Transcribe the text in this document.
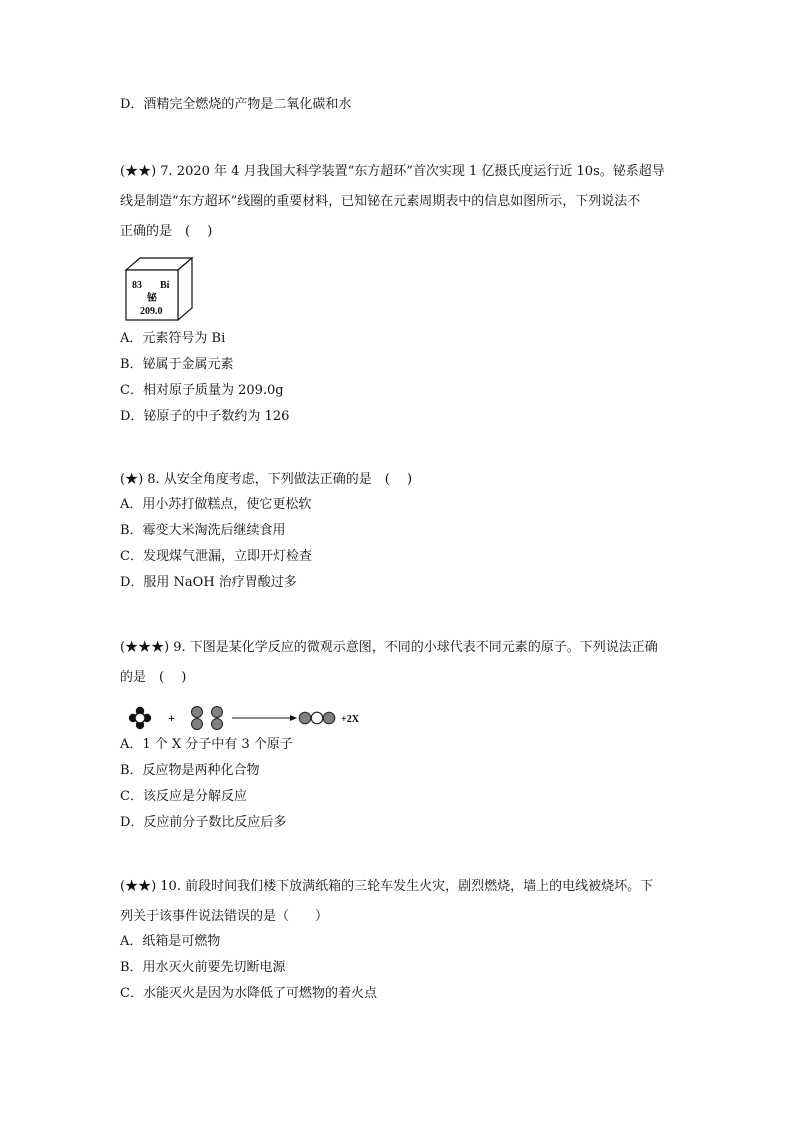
D．酒精完全燃烧的产物是二氧化碳和水
(★★) 7. 2020 年 4 月我国大科学装置“东方超环”首次实现 1 亿摄氏度运行近 10s。铋系超导
线是制造“东方超环”线圈的重要材料，已知铋在元素周期表中的信息如图所示，下列说法不
正确的是　(　 )
83 Bi
铋
209.0
A．元素符号为 Bi
B．铋属于金属元素
C．相对原子质量为 209.0g
D．铋原子的中子数约为 126
(★) 8. 从安全角度考虑，下列做法正确的是　(　 )
A．用小苏打做糕点，使它更松软
B．霉变大米淘洗后继续食用
C．发现煤气泄漏，立即开灯检查
D．服用 NaOH 治疗胃酸过多
(★★★) 9. 下图是某化学反应的微观示意图，不同的小球代表不同元素的原子。下列说法正确
的是　(　 )
+	+2X
A．1 个 X 分子中有 3 个原子
B．反应物是两种化合物
C．该反应是分解反应
D．反应前分子数比反应后多
(★★) 10. 前段时间我们楼下放满纸箱的三轮车发生火灾，剧烈燃烧，墙上的电线被烧坏。下
列关于该事件说法错误的是（　　）
A．纸箱是可燃物
B．用水灭火前要先切断电源
C．水能灭火是因为水降低了可燃物的着火点
